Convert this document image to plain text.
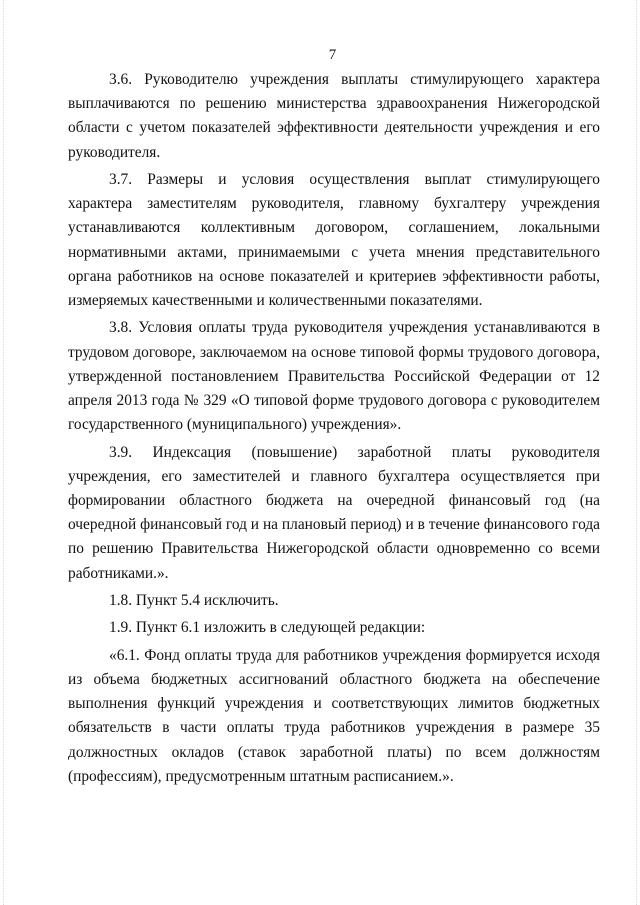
7

3.6. Руководителю учреждения выплаты стимулирующего характера выплачиваются по решению министерства здравоохранения Нижегородской области с учетом показателей эффективности деятельности учреждения и его руководителя.

3.7. Размеры и условия осуществления выплат стимулирующего характера заместителям руководителя, главному бухгалтеру учреждения устанавливаются коллективным договором, соглашением, локальными нормативными актами, принимаемыми с учета мнения представительного органа работников на основе показателей и критериев эффективности работы, измеряемых качественными и количественными показателями.

3.8. Условия оплаты труда руководителя учреждения устанавливаются в трудовом договоре, заключаемом на основе типовой формы трудового договора, утвержденной постановлением Правительства Российской Федерации от 12 апреля 2013 года № 329 «О типовой форме трудового договора с руководителем государственного (муниципального) учреждения».

3.9. Индексация (повышение) заработной платы руководителя учреждения, его заместителей и главного бухгалтера осуществляется при формировании областного бюджета на очередной финансовый год (на очередной финансовый год и на плановый период) и в течение финансового года по решению Правительства Нижегородской области одновременно со всеми работниками.».

1.8. Пункт 5.4 исключить.

1.9. Пункт 6.1 изложить в следующей редакции:

«6.1. Фонд оплаты труда для работников учреждения формируется исходя из объема бюджетных ассигнований областного бюджета на обеспечение выполнения функций учреждения и соответствующих лимитов бюджетных обязательств в части оплаты труда работников учреждения в размере 35 должностных окладов (ставок заработной платы) по всем должностям (профессиям), предусмотренным штатным расписанием.».
